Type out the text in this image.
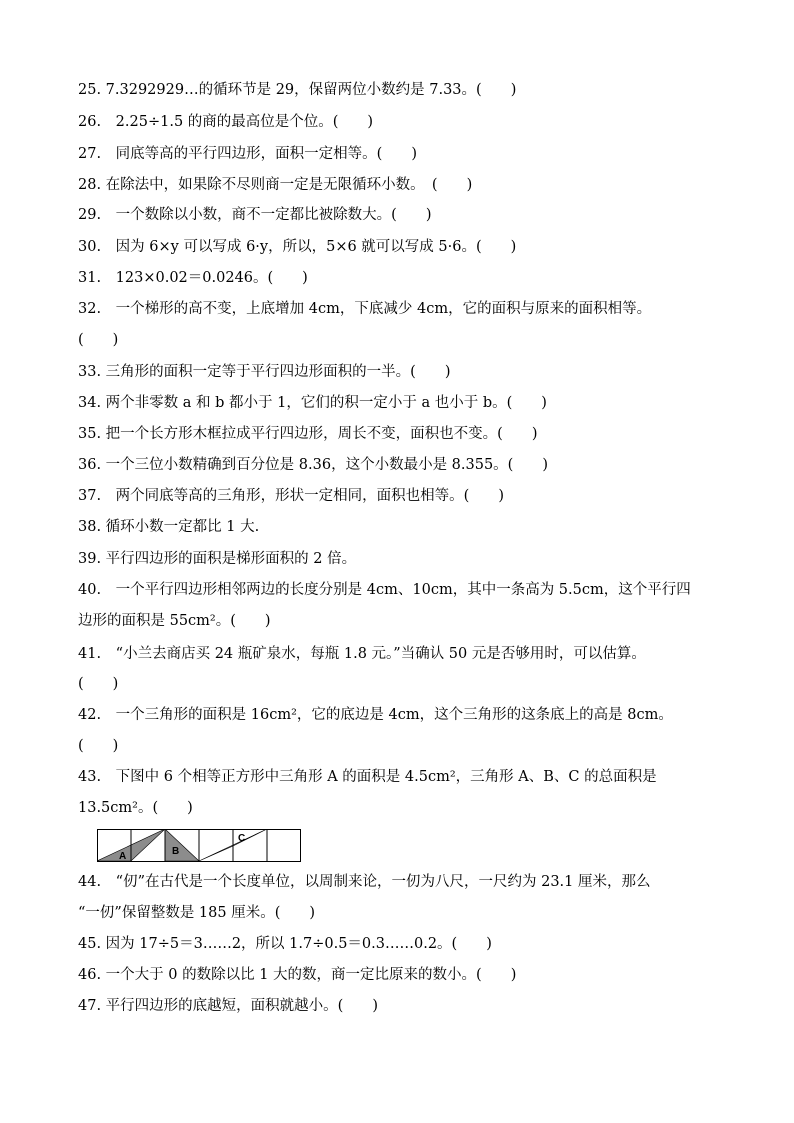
25. 7.3292929…的循环节是 29，保留两位小数约是 7.33。(　　)
26. 2.25÷1.5 的商的最高位是个位。(　　)
27. 同底等高的平行四边形，面积一定相等。(　　)
28. 在除法中，如果除不尽则商一定是无限循环小数。　(　　)
29. 一个数除以小数，商不一定都比被除数大。(　　)
30. 因为 6×y 可以写成 6·y，所以，5×6 就可以写成 5·6。(　　)
31. 123×0.02＝0.0246。(　　)
32. 一个梯形的高不变，上底增加 4cm，下底减少 4cm，它的面积与原来的面积相等。
(　　)
33. 三角形的面积一定等于平行四边形面积的一半。(　　)
34. 两个非零数 a 和 b 都小于 1，它们的积一定小于 a 也小于 b。(　　)
35. 把一个长方形木框拉成平行四边形，周长不变，面积也不变。(　　)
36. 一个三位小数精确到百分位是 8.36，这个小数最小是 8.355。(　　)
37. 两个同底等高的三角形，形状一定相同，面积也相等。(　　)
38. 循环小数一定都比 1 大.
39. 平行四边形的面积是梯形面积的 2 倍。
40. 一个平行四边形相邻两边的长度分别是 4cm、10cm，其中一条高为 5.5cm，这个平行四
边形的面积是 55cm²。(　　)
41. “小兰去商店买 24 瓶矿泉水，每瓶 1.8 元。”当确认 50 元是否够用时，可以估算。
(　　)
42. 一个三角形的面积是 16cm²，它的底边是 4cm，这个三角形的这条底上的高是 8cm。
(　　)
43. 下图中 6 个相等正方形中三角形 A 的面积是 4.5cm²，三角形 A、B、C 的总面积是
13.5cm²。(　　)
A	B
C
44. “仞”在古代是一个长度单位，以周制来论，一仞为八尺，一尺约为 23.1 厘米，那么
“一仞”保留整数是 185 厘米。(　　)
45. 因为 17÷5＝3……2，所以 1.7÷0.5＝0.3……0.2。(　　)
46. 一个大于 0 的数除以比 1 大的数，商一定比原来的数小。(　　)
47. 平行四边形的底越短，面积就越小。(　　)
